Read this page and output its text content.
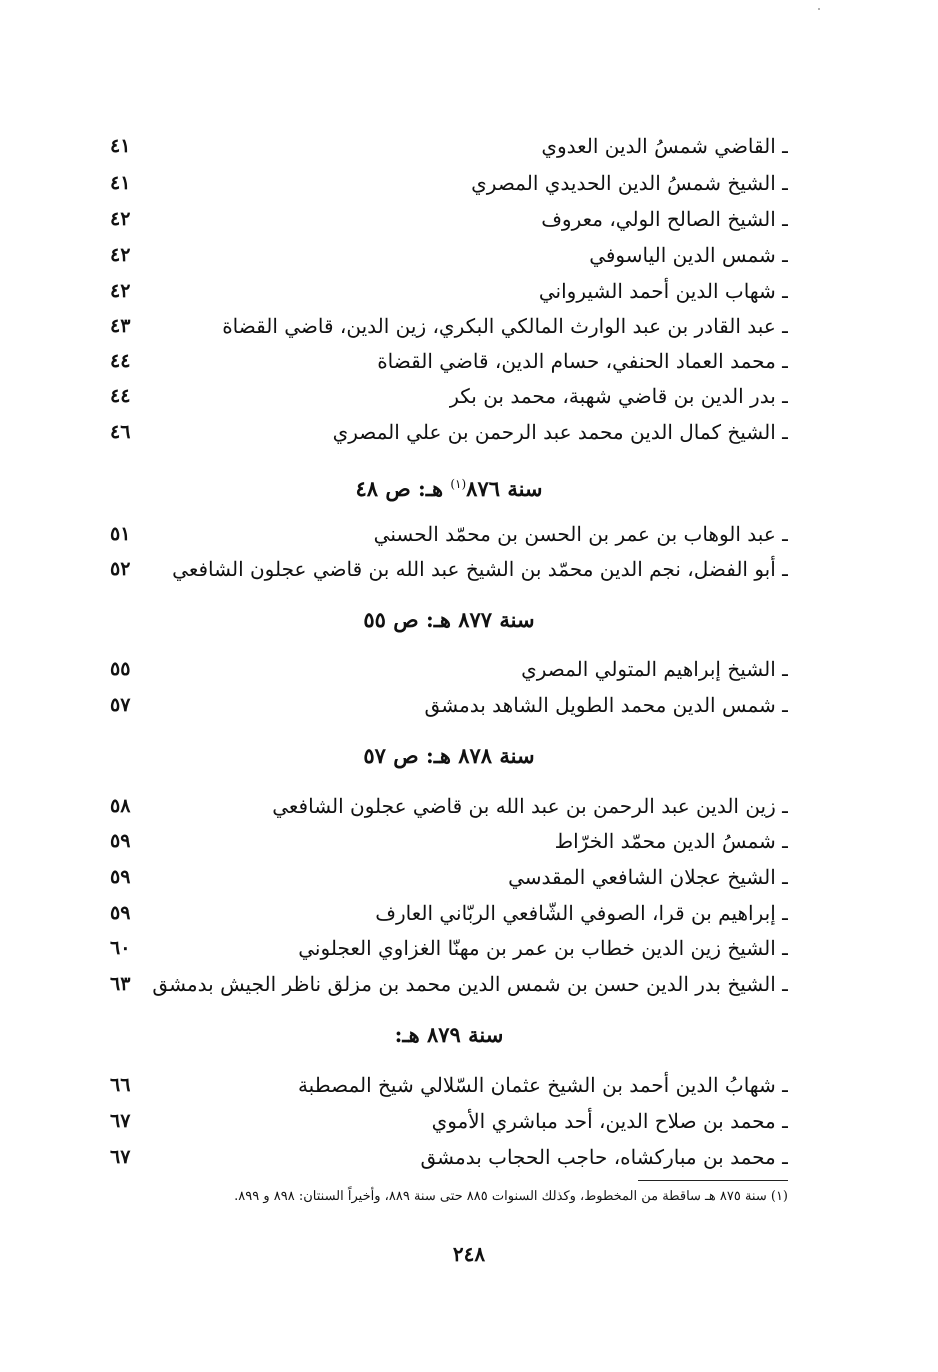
ـ القاضي شمسُ الدين العدوي
٤١
ـ الشيخ شمسُ الدين الحديدي المصري
٤١
ـ الشيخ الصالح الولي، معروف
٤٢
ـ شمس الدين الياسوفي
٤٢
ـ شهاب الدين أحمد الشيرواني
٤٢
ـ عبد القادر بن عبد الوارث المالكي البكري، زين الدين، قاضي القضاة
٤٣
ـ محمد العماد الحنفي، حسام الدين، قاضي القضاة
٤٤
ـ بدر الدين بن قاضي شهبة، محمد بن بكر
٤٤
ـ الشيخ كمال الدين محمد عبد الرحمن بن علي المصري
٤٦
سنة ٨٧٦$^{(١)}$ هـ: ص ٤٨
ـ عبد الوهاب بن عمر بن الحسن بن محمّد الحسني
٥١
ـ أبو الفضل، نجم الدين محمّد بن الشيخ عبد الله بن قاضي عجلون الشافعي
٥٢
سنة ٨٧٧ هـ: ص ٥٥
ـ الشيخ إبراهيم المتولي المصري
٥٥
ـ شمس الدين محمد الطويل الشاهد بدمشق
٥٧
سنة ٨٧٨ هـ: ص ٥٧
ـ زين الدين عبد الرحمن بن عبد الله بن قاضي عجلون الشافعي
٥٨
ـ شمسُ الدين محمّد الخرّاط
٥٩
ـ الشيخ عجلان الشافعي المقدسي
٥٩
ـ إبراهيم بن قرا، الصوفي الشّافعي الربّاني العارف
٥٩
ـ الشيخ زين الدين خطاب بن عمر بن مهنّا الغزاوي العجلوني
٦٠
ـ الشيخ بدر الدين حسن بن شمس الدين محمد بن مزلق ناظر الجيش بدمشق
٦٣
سنة ٨٧٩ هـ:
ـ شهابُ الدين أحمد بن الشيخ عثمان السّلالي شيخ المصطبة
٦٦
ـ محمد بن صلاح الدين، أحد مباشري الأموي
٦٧
ـ محمد بن مباركشاه، حاجب الحجاب بدمشق
٦٧
(١) سنة ٨٧٥ هـ ساقطة من المخطوط، وكذلك السنوات ٨٨٥ حتى سنة ٨٨٩، وأخيراً السنتان: ٨٩٨ و ٨٩٩.
٢٤٨
